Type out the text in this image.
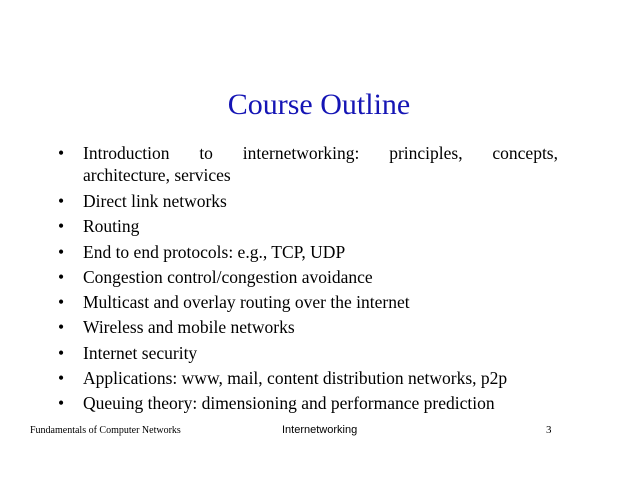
Course Outline
• Introduction to internetworking: principles, concepts,
architecture, services
• Direct link networks
• Routing
• End to end protocols: e.g., TCP, UDP
• Congestion control/congestion avoidance
• Multicast and overlay routing over the internet
• Wireless and mobile networks
• Internet security
• Applications: www, mail, content distribution networks, p2p
• Queuing theory: dimensioning and performance prediction
Fundamentals of Computer Networks	Internetworking	3
